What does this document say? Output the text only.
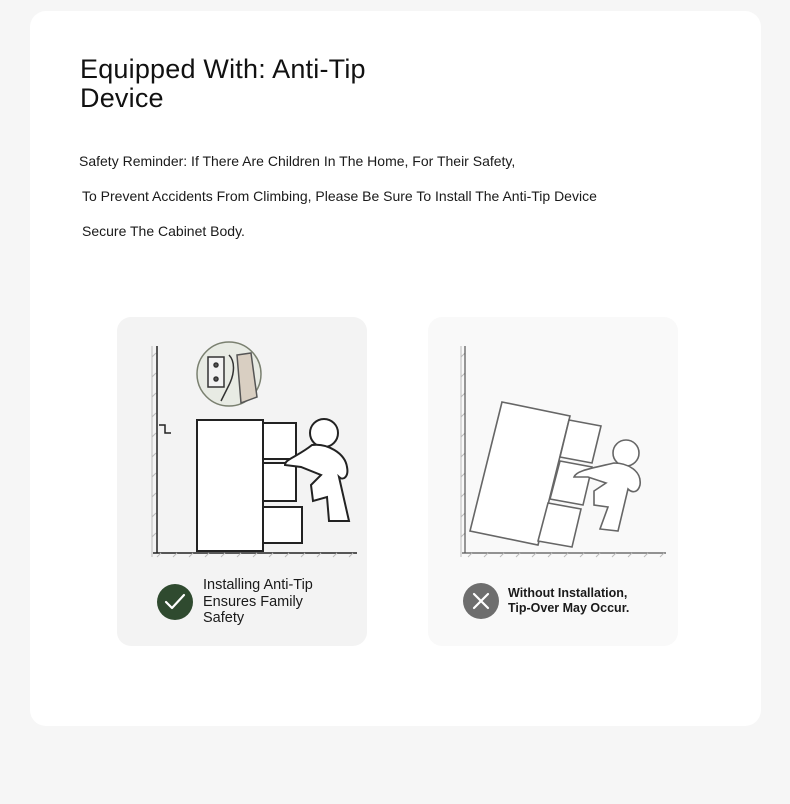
Equipped With: Anti-Tip Device
Safety Reminder: If There Are Children In The Home, For Their Safety,
To Prevent Accidents From Climbing, Please Be Sure To Install The Anti-Tip Device
Secure The Cabinet Body.
Installing Anti-Tip Ensures Family Safety
Without Installation,
Tip-Over May Occur.
